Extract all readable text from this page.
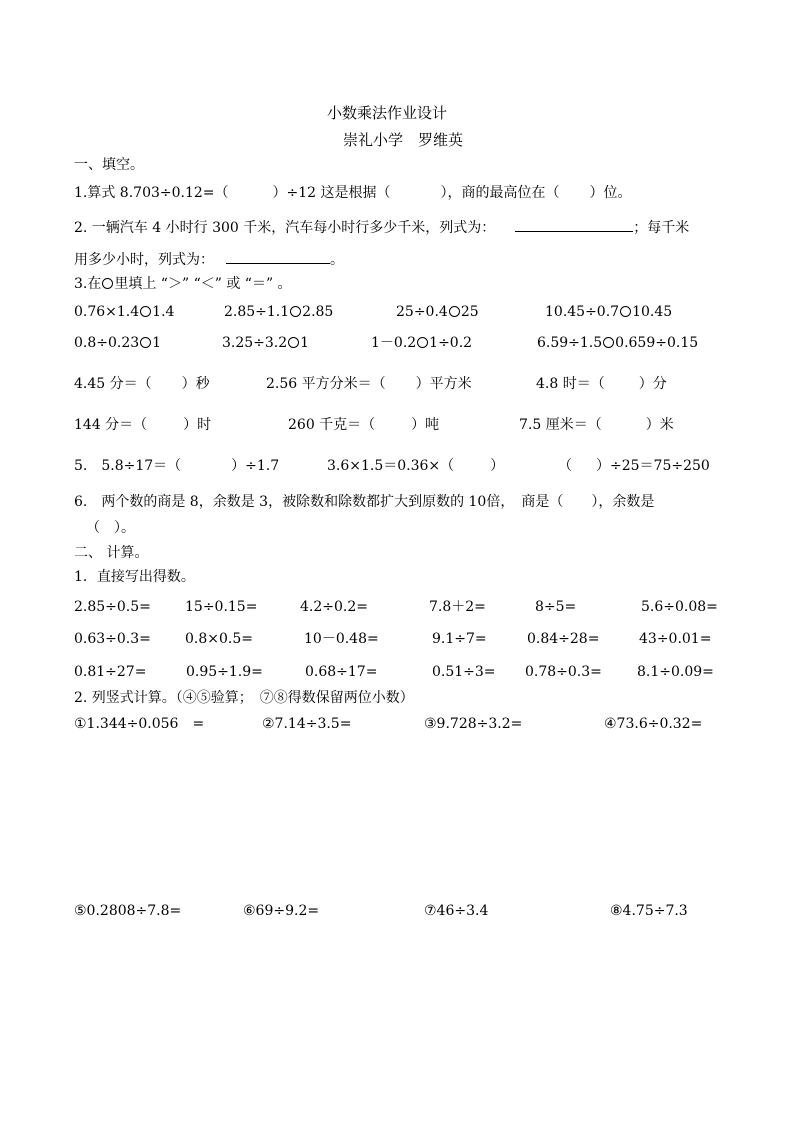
小数乘法作业设计
崇礼小学　罗维英
一、填空。
1.算式 8.703÷0.12=（	）÷12 这是根据（	），商的最高位在（ ）位。
2. 一辆汽车 4 小时行 300 千米，汽车每小时行多少千米，列式为：	；每千米
用多少小时，列式为：	。
3.在 里填上 “＞” “＜” 或 “＝” 。
0.76×1.4 1.4	2.85÷1.1 2.85	25÷0.4 25	10.45÷0.7 10.45
0.8÷0.23 1	3.25÷3.2 1	1－0.2 1÷0.2	6.59÷1.5 0.659÷0.15
4.45 分＝（ ）秒	2.56 平方分米＝（ ）平方米	4.8 时＝（ ）分
144 分＝（	）时	260 千克＝（	）吨	7.5 厘米＝（	）米
5. 5.8÷17＝（	）÷1.7	3.6×1.5＝0.36×（	）	（ ）÷25＝75÷250
6.　两个数的商是 8，余数是 3，被除数和除数都扩大到原数的 10倍，　商是（ ），余数是
（　）。
二、 计算。
1．直接写出得数。
2.85÷0.5= 15÷0.15=	4.2÷0.2=	7.8＋2=	8÷5=	5.6÷0.08=
0.63÷0.3= 0.8×0.5=	10－0.48=	9.1÷7=	0.84÷28=	43÷0.01=
0.81÷27=	0.95÷1.9=	0.68÷17=	0.51÷3= 0.78÷0.3=	8.1÷0.09=
2. 列竖式计算。（④⑤验算；　⑦⑧得数保留两位小数）
①1.344÷0.056　=	②7.14÷3.5=	③9.728÷3.2=	④73.6÷0.32=
⑤0.2808÷7.8=	⑥69÷9.2=	⑦46÷3.4	⑧4.75÷7.3
